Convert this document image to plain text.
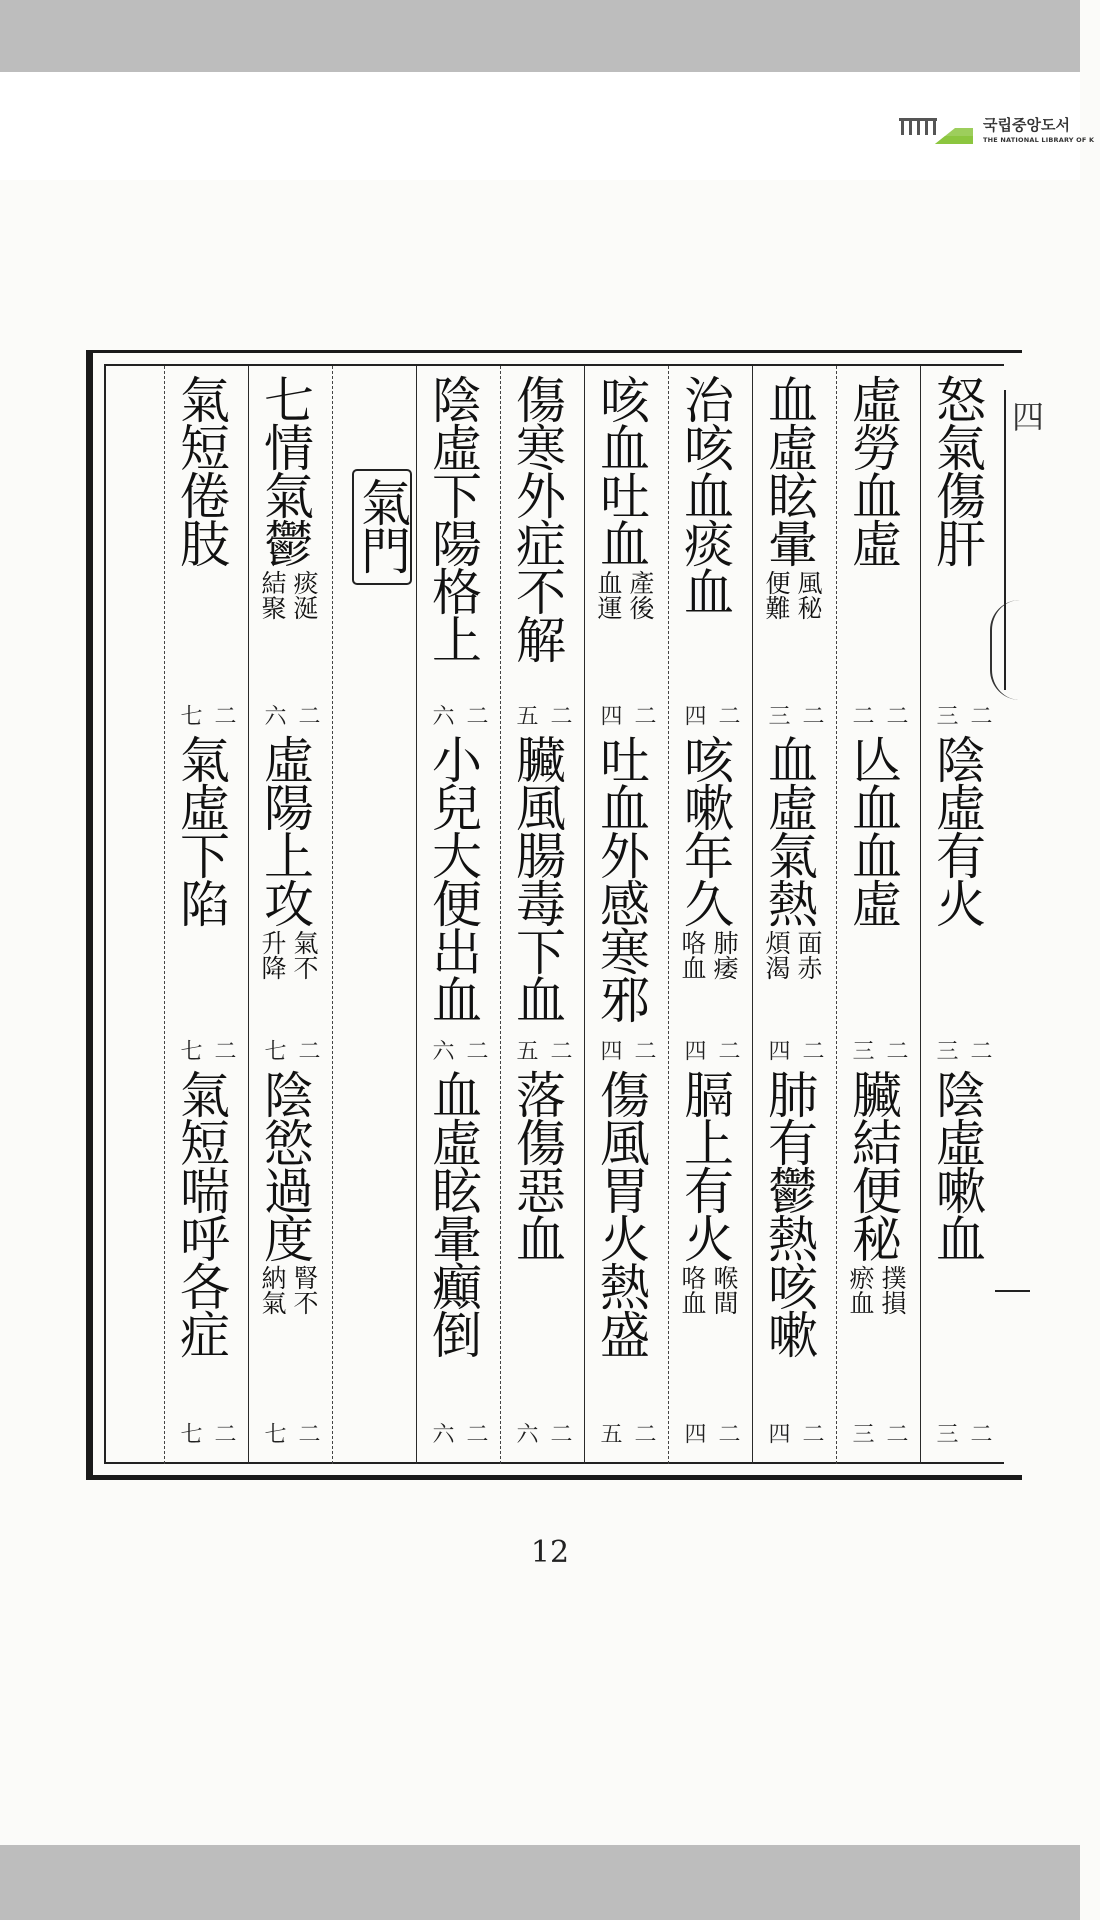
국립중앙도서
THE NATIONAL LIBRARY OF K
怒氣傷肝
二
三
陰虛有火
二
三
陰虛嗽血
二
三
虛勞血虛
二
二
亾血血虛
二
三
臟結便秘
撲損
瘀血
二
三
血虛眩暈
風秘
便難
二
三
血虛氣熱
面赤
煩渴
二
四
肺有鬱熱咳嗽
二
四
治咳血痰血
二
四
咳嗽年久
肺痿
咯血
二
四
膈上有火
喉間
咯血
二
四
咳血吐血
產後
血運
二
四
吐血外感寒邪
二
四
傷風胃火熱盛
二
五
傷寒外症不解
二
五
臟風腸毒下血
二
五
落傷惡血
二
六
陰虛下陽格上
二
六
小兒大便出血
二
六
血虛眩暈癲倒
二
六
氣門
七情氣鬱
痰涎
結聚
二
六
虛陽上攻
氣不
升降
二
七
陰慾過度
腎不
納氣
二
七
氣短倦肢
二
七
氣虛下陷
二
七
氣短喘呼各症
二
七
四
12
